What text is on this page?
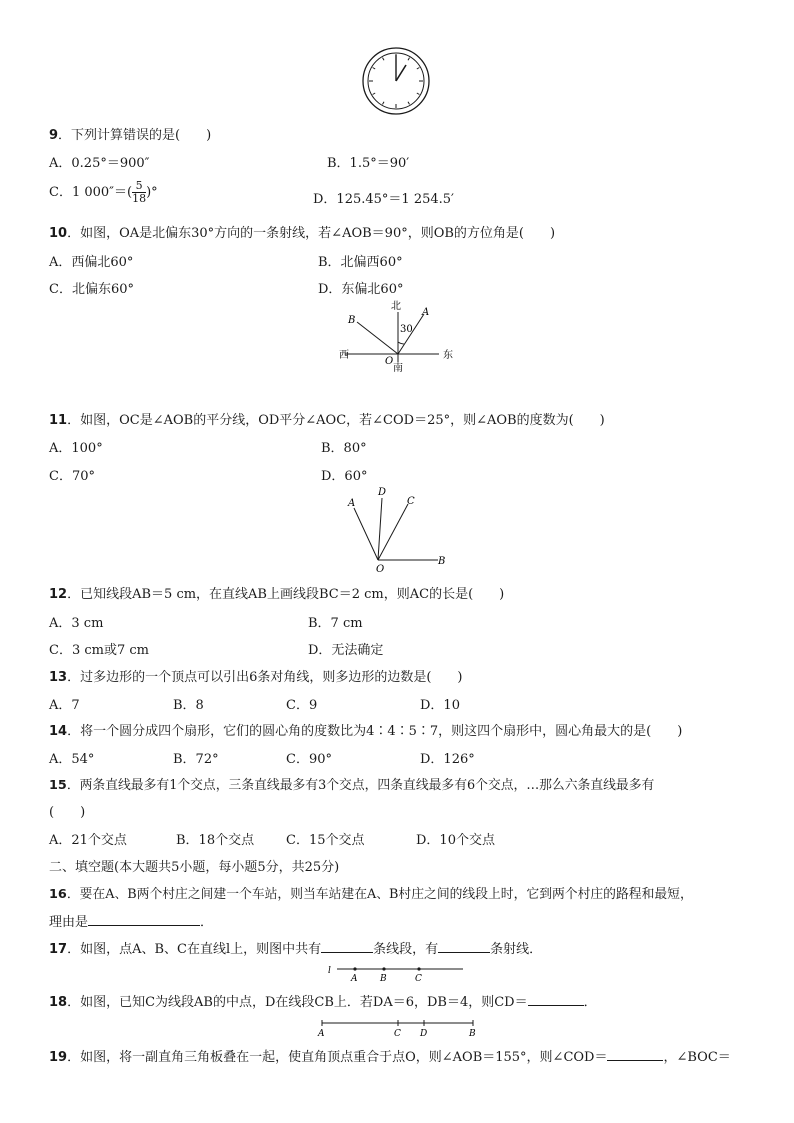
9．下列计算错误的是(　　)
A．0.25°＝900″	B．1.5°＝90′
C．1 $000''=( \frac{5}{18}$ )°	D．125.45°＝1 254.5′
10．如图，OA是北偏东30°方向的一条射线，若∠AOB＝90°，则OB的方位角是(　　)
A．西偏北60°	B．北偏西60°
C．北偏东60°	D．东偏北60°
北
西	东
南
B
A
O
30
11．如图，OC是∠AOB的平分线，OD平分∠AOC，若∠COD＝25°，则∠AOB的度数为(　　)
A．100°	B．80°
C．70°	D．60°
A
D
C
B
O
12．已知线段AB＝5 cm，在直线AB上画线段BC＝2 cm，则AC的长是(　　)
A．3 cm	B．7 cm
C．3 cm或7 cm	D．无法确定
13．过多边形的一个顶点可以引出6条对角线，则多边形的边数是(　　)
A．7	B．8	C．9	D．10
14．将一个圆分成四个扇形，它们的圆心角的度数比为4∶4∶5∶7，则这四个扇形中，圆心角最大的是(　　)
A．54°	B．72°	C．90°	D．126°
15．两条直线最多有1个交点，三条直线最多有3个交点，四条直线最多有6个交点，…那么六条直线最多有
(　　)
A．21个交点	B．18个交点 C．15个交点	D．10个交点
二、填空题(本大题共5小题，每小题5分，共25分)
16．要在A、B两个村庄之间建一个车站，则当车站建在A、B村庄之间的线段上时，它到两个村庄的路程和最短，
理由是	．
17．如图，点A、B、C在直线l上，则图中共有	条线段，有	条射线．
l
A	B	C
18．如图，已知C为线段AB的中点，D在线段CB上．若DA＝6，DB＝4，则CD＝	．
A	C D	B
19．如图，将一副直角三角板叠在一起，使直角顶点重合于点O，则∠AOB＝155°，则∠COD＝	，∠BOC＝
